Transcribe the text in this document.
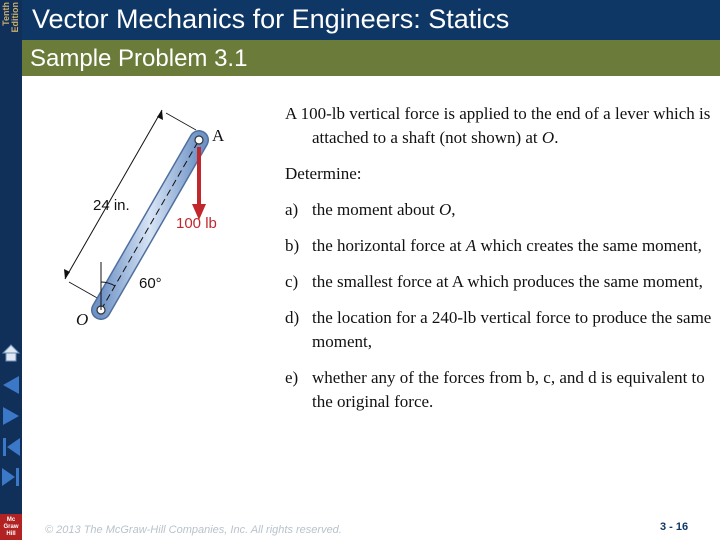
Tenth Edition
Mc
Graw
Hill
Vector Mechanics for Engineers: Statics
Sample Problem 3.1
A
O
24 in.
100 lb
60°

A 100-lb vertical force is applied to the end of a lever which is attached to a shaft (not shown) at O.

Determine:

a) the moment about O,
b) the horizontal force at A which creates the same moment,
c) the smallest force at A which produces the same moment,
d) the location for a 240-lb vertical force to produce the same moment,
e) whether any of the forces from b, c, and d is equivalent to the original force.
© 2013 The McGraw-Hill Companies, Inc. All rights reserved.	3 - 16
